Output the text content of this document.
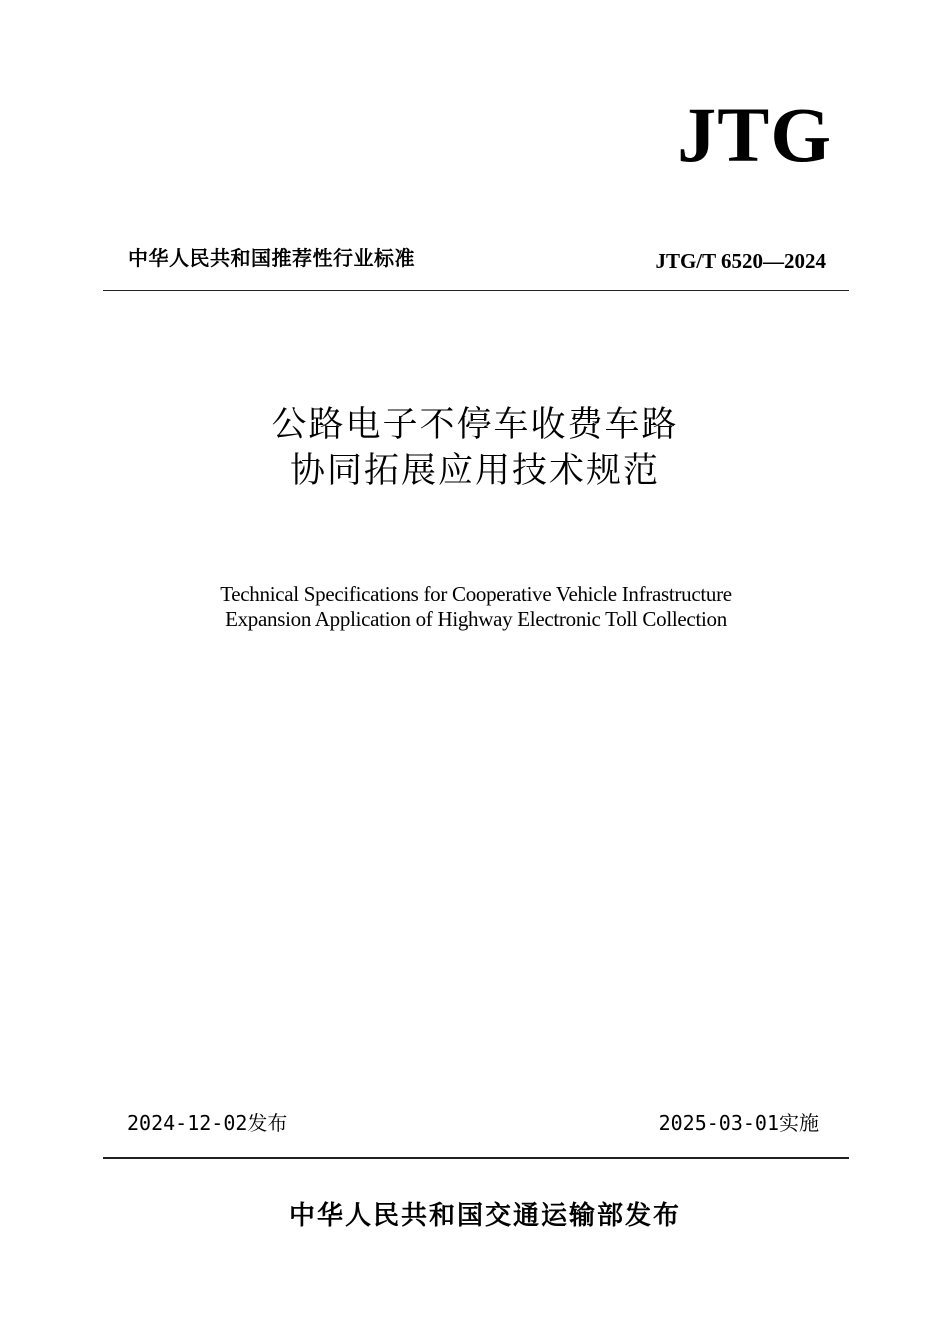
JTG
中华人民共和国推荐性行业标准	JTG/T 6520—2024
公路电子不停车收费车路
协同拓展应用技术规范
Technical Specifications for Cooperative Vehicle Infrastructure
Expansion Application of Highway Electronic Toll Collection
2024-12-02发布	2025-03-01实施
中华人民共和国交通运输部发布
